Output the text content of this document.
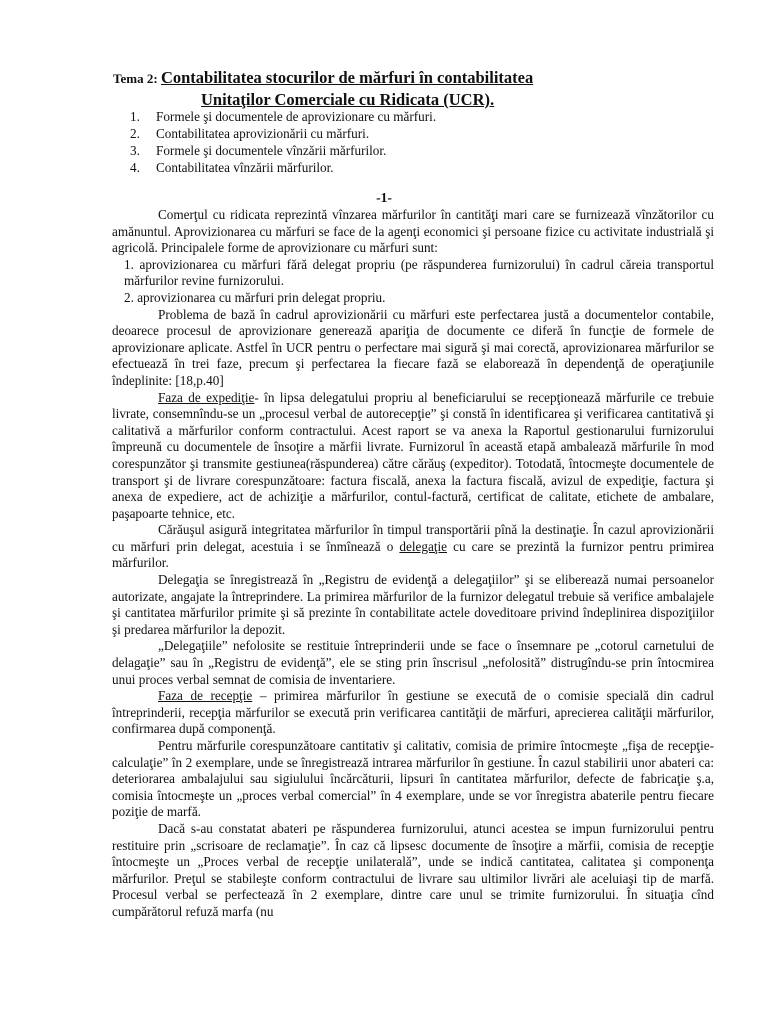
Tema 2: Contabilitatea stocurilor de mărfuri în contabilitatea
Unitaţilor Comerciale cu Ridicata (UCR).
1. Formele şi documentele de aprovizionare cu mărfuri.
2. Contabilitatea aprovizionării cu mărfuri.
3. Formele şi documentele vînzării mărfurilor.
4. Contabilitatea vînzării mărfurilor.
-1-

Comerţul cu ridicata reprezintă vînzarea mărfurilor în cantităţi mari care se furnizează vînzătorilor cu amănuntul. Aprovizionarea cu mărfuri se face de la agenţi economici şi persoane fizice cu activitate industrială şi agricolă. Principalele forme de aprovizionare cu mărfuri sunt:

1. aprovizionarea cu mărfuri fără delegat propriu (pe răspunderea furnizorului) în cadrul căreia transportul mărfurilor revine furnizorului.

2. aprovizionarea cu mărfuri prin delegat propriu.

Problema de bază în cadrul aprovizionării cu mărfuri este perfectarea justă a documentelor contabile, deoarece procesul de aprovizionare generează apariţia de documente ce diferă în funcţie de formele de aprovizionare aplicate. Astfel în UCR pentru o perfectare mai sigură şi mai corectă, aprovizionarea mărfurilor se efectuează în trei faze, precum şi perfectarea la fiecare fază se elaborează în dependenţă de operaţiunile îndeplinite: [18,p.40]

Faza de expediţie- în lipsa delegatului propriu al beneficiarului se recepţionează mărfurile ce trebuie livrate, consemnîndu-se un „procesul verbal de autorecepţie” şi constă în identificarea şi verificarea cantitativă şi calitativă a mărfurilor conform contractului. Acest raport se va anexa la Raportul gestionarului furnizorului împreună cu documentele de însoţire a mărfii livrate. Furnizorul în această etapă ambalează mărfurile în mod corespunzător şi transmite gestiunea(răspunderea) către cărăuş (expeditor). Totodată, întocmeşte documentele de transport şi de livrare corespunzătoare: factura fiscală, anexa la factura fiscală, avizul de expediţie, factura şi anexa de expediere, act de achiziţie a mărfurilor, contul-factură, certificat de calitate, etichete de ambalare, paşapoarte tehnice, etc.

Cărăuşul asigură integritatea mărfurilor în timpul transportării pînă la destinaţie. În cazul aprovizionării cu mărfuri prin delegat, acestuia i se înmînează o delegaţie cu care se prezintă la furnizor pentru primirea mărfurilor.

Delegaţia se înregistrează în „Registru de evidenţă a delegaţiilor” şi se eliberează numai persoanelor autorizate, angajate la întreprindere. La primirea mărfurilor de la furnizor delegatul trebuie să verifice ambalajele şi cantitatea mărfurilor primite şi să prezinte în contabilitate actele doveditoare privind îndeplinirea dispoziţiilor şi predarea mărfurilor la depozit.

„Delegaţiile” nefolosite se restituie întreprinderii unde se face o însemnare pe „cotorul carnetului de delagaţie” sau în „Registru de evidenţă”, ele se sting prin înscrisul „nefolosită” distrugîndu-se prin întocmirea unui proces verbal semnat de comisia de inventariere.

Faza de recepţie – primirea mărfurilor în gestiune se execută de o comisie specială din cadrul întreprinderii, recepţia mărfurilor se execută prin verificarea cantităţii de mărfuri, aprecierea calităţii mărfurilor, confirmarea după componenţă.

Pentru mărfurile corespunzătoare cantitativ şi calitativ, comisia de primire întocmeşte „fişa de recepţie-calculaţie” în 2 exemplare, unde se înregistrează intrarea mărfurilor în gestiune. În cazul stabilirii unor abateri ca: deteriorarea ambalajului sau sigiulului încărcăturii, lipsuri în cantitatea mărfurilor, defecte de fabricaţie ş.a, comisia întocmeşte un „proces verbal comercial” în 4 exemplare, unde se vor înregistra abaterile pentru fiecare poziţie de marfă.

Dacă s-au constatat abateri pe răspunderea furnizorului, atunci acestea se impun furnizorului pentru restituire prin „scrisoare de reclamaţie”. În caz că lipsesc documente de însoţire a mărfii, comisia de recepţie întocmeşte un „Proces verbal de recepţie unilaterală”, unde se indică cantitatea, calitatea şi componenţa mărfurilor. Preţul se stabileşte conform contractului de livrare sau ultimilor livrări ale aceluiaşi tip de marfă. Procesul verbal se perfectează în 2 exemplare, dintre care unul se trimite furnizorului. În situaţia cînd cumpărătorul refuză marfa (nu
